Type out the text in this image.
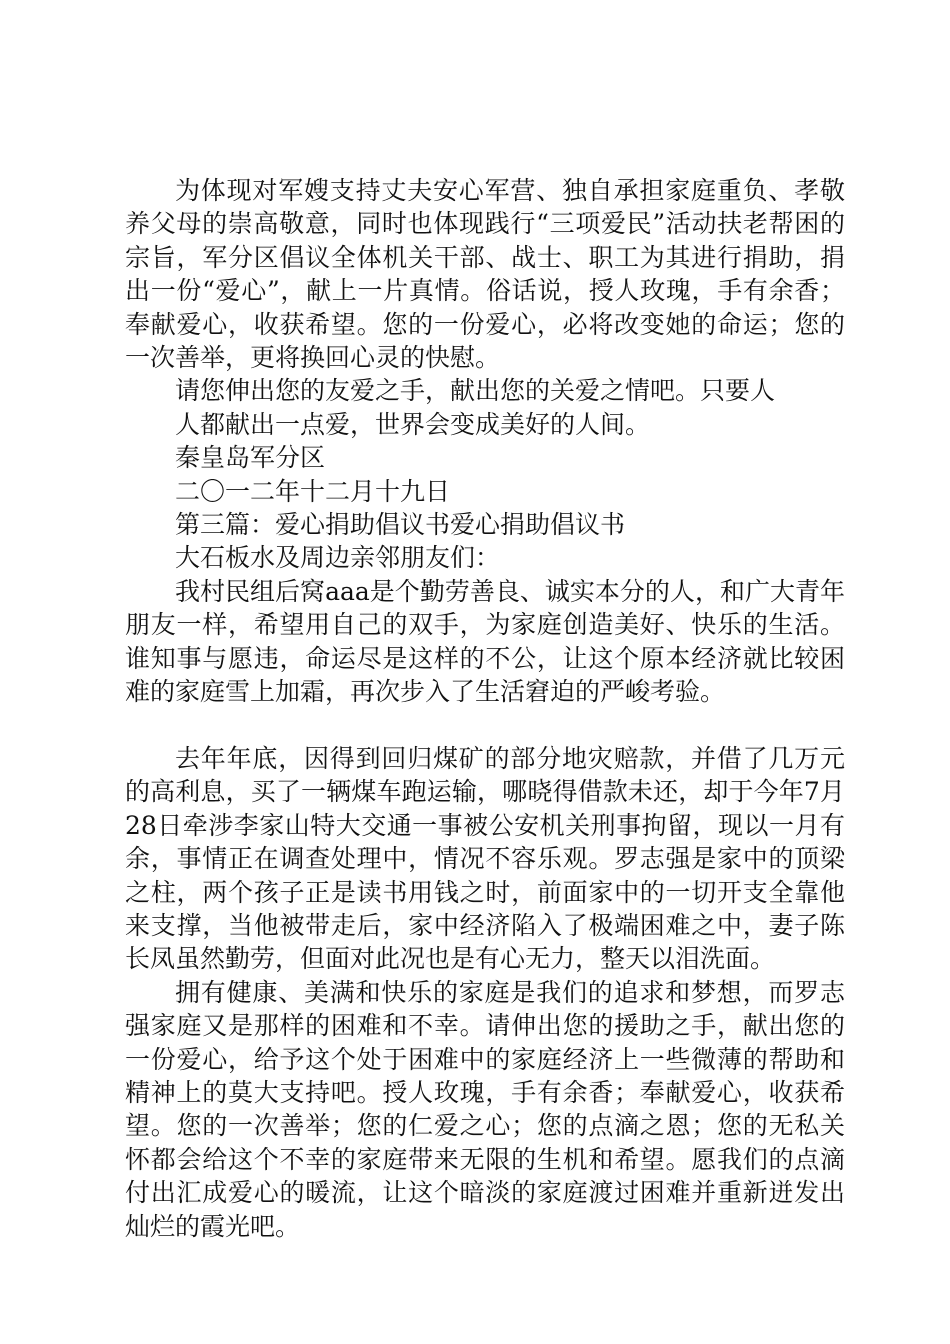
为体现对军嫂支持丈夫安心军营、独自承担家庭重负、孝敬养父母的崇高敬意，同时也体现践行“三项爱民”活动扶老帮困的宗旨，军分区倡议全体机关干部、战士、职工为其进行捐助，捐出一份“爱心”，献上一片真情。俗话说，授人玫瑰，手有余香；奉献爱心，收获希望。您的一份爱心，必将改变她的命运；您的一次善举，更将换回心灵的快慰。

请您伸出您的友爱之手，献出您的关爱之情吧。只要人

人都献出一点爱，世界会变成美好的人间。

秦皇岛军分区

二〇一二年十二月十九日

第三篇：爱心捐助倡议书爱心捐助倡议书

大石板水及周边亲邻朋友们：

我村民组后窝aaa是个勤劳善良、诚实本分的人，和广大青年朋友一样，希望用自己的双手，为家庭创造美好、快乐的生活。谁知事与愿违，命运尽是这样的不公，让这个原本经济就比较困难的家庭雪上加霜，再次步入了生活窘迫的严峻考验。

去年年底，因得到回归煤矿的部分地灾赔款，并借了几万元的高利息，买了一辆煤车跑运输，哪晓得借款未还，却于今年7月28日牵涉李家山特大交通一事被公安机关刑事拘留，现以一月有余，事情正在调查处理中，情况不容乐观。罗志强是家中的顶梁之柱，两个孩子正是读书用钱之时，前面家中的一切开支全靠他来支撑，当他被带走后，家中经济陷入了极端困难之中，妻子陈长凤虽然勤劳，但面对此况也是有心无力，整天以泪洗面。

拥有健康、美满和快乐的家庭是我们的追求和梦想，而罗志强家庭又是那样的困难和不幸。请伸出您的援助之手，献出您的一份爱心，给予这个处于困难中的家庭经济上一些微薄的帮助和精神上的莫大支持吧。授人玫瑰，手有余香；奉献爱心，收获希望。您的一次善举；您的仁爱之心；您的点滴之恩；您的无私关怀都会给这个不幸的家庭带来无限的生机和希望。愿我们的点滴付出汇成爱心的暖流，让这个暗淡的家庭渡过困难并重新迸发出灿烂的霞光吧。
